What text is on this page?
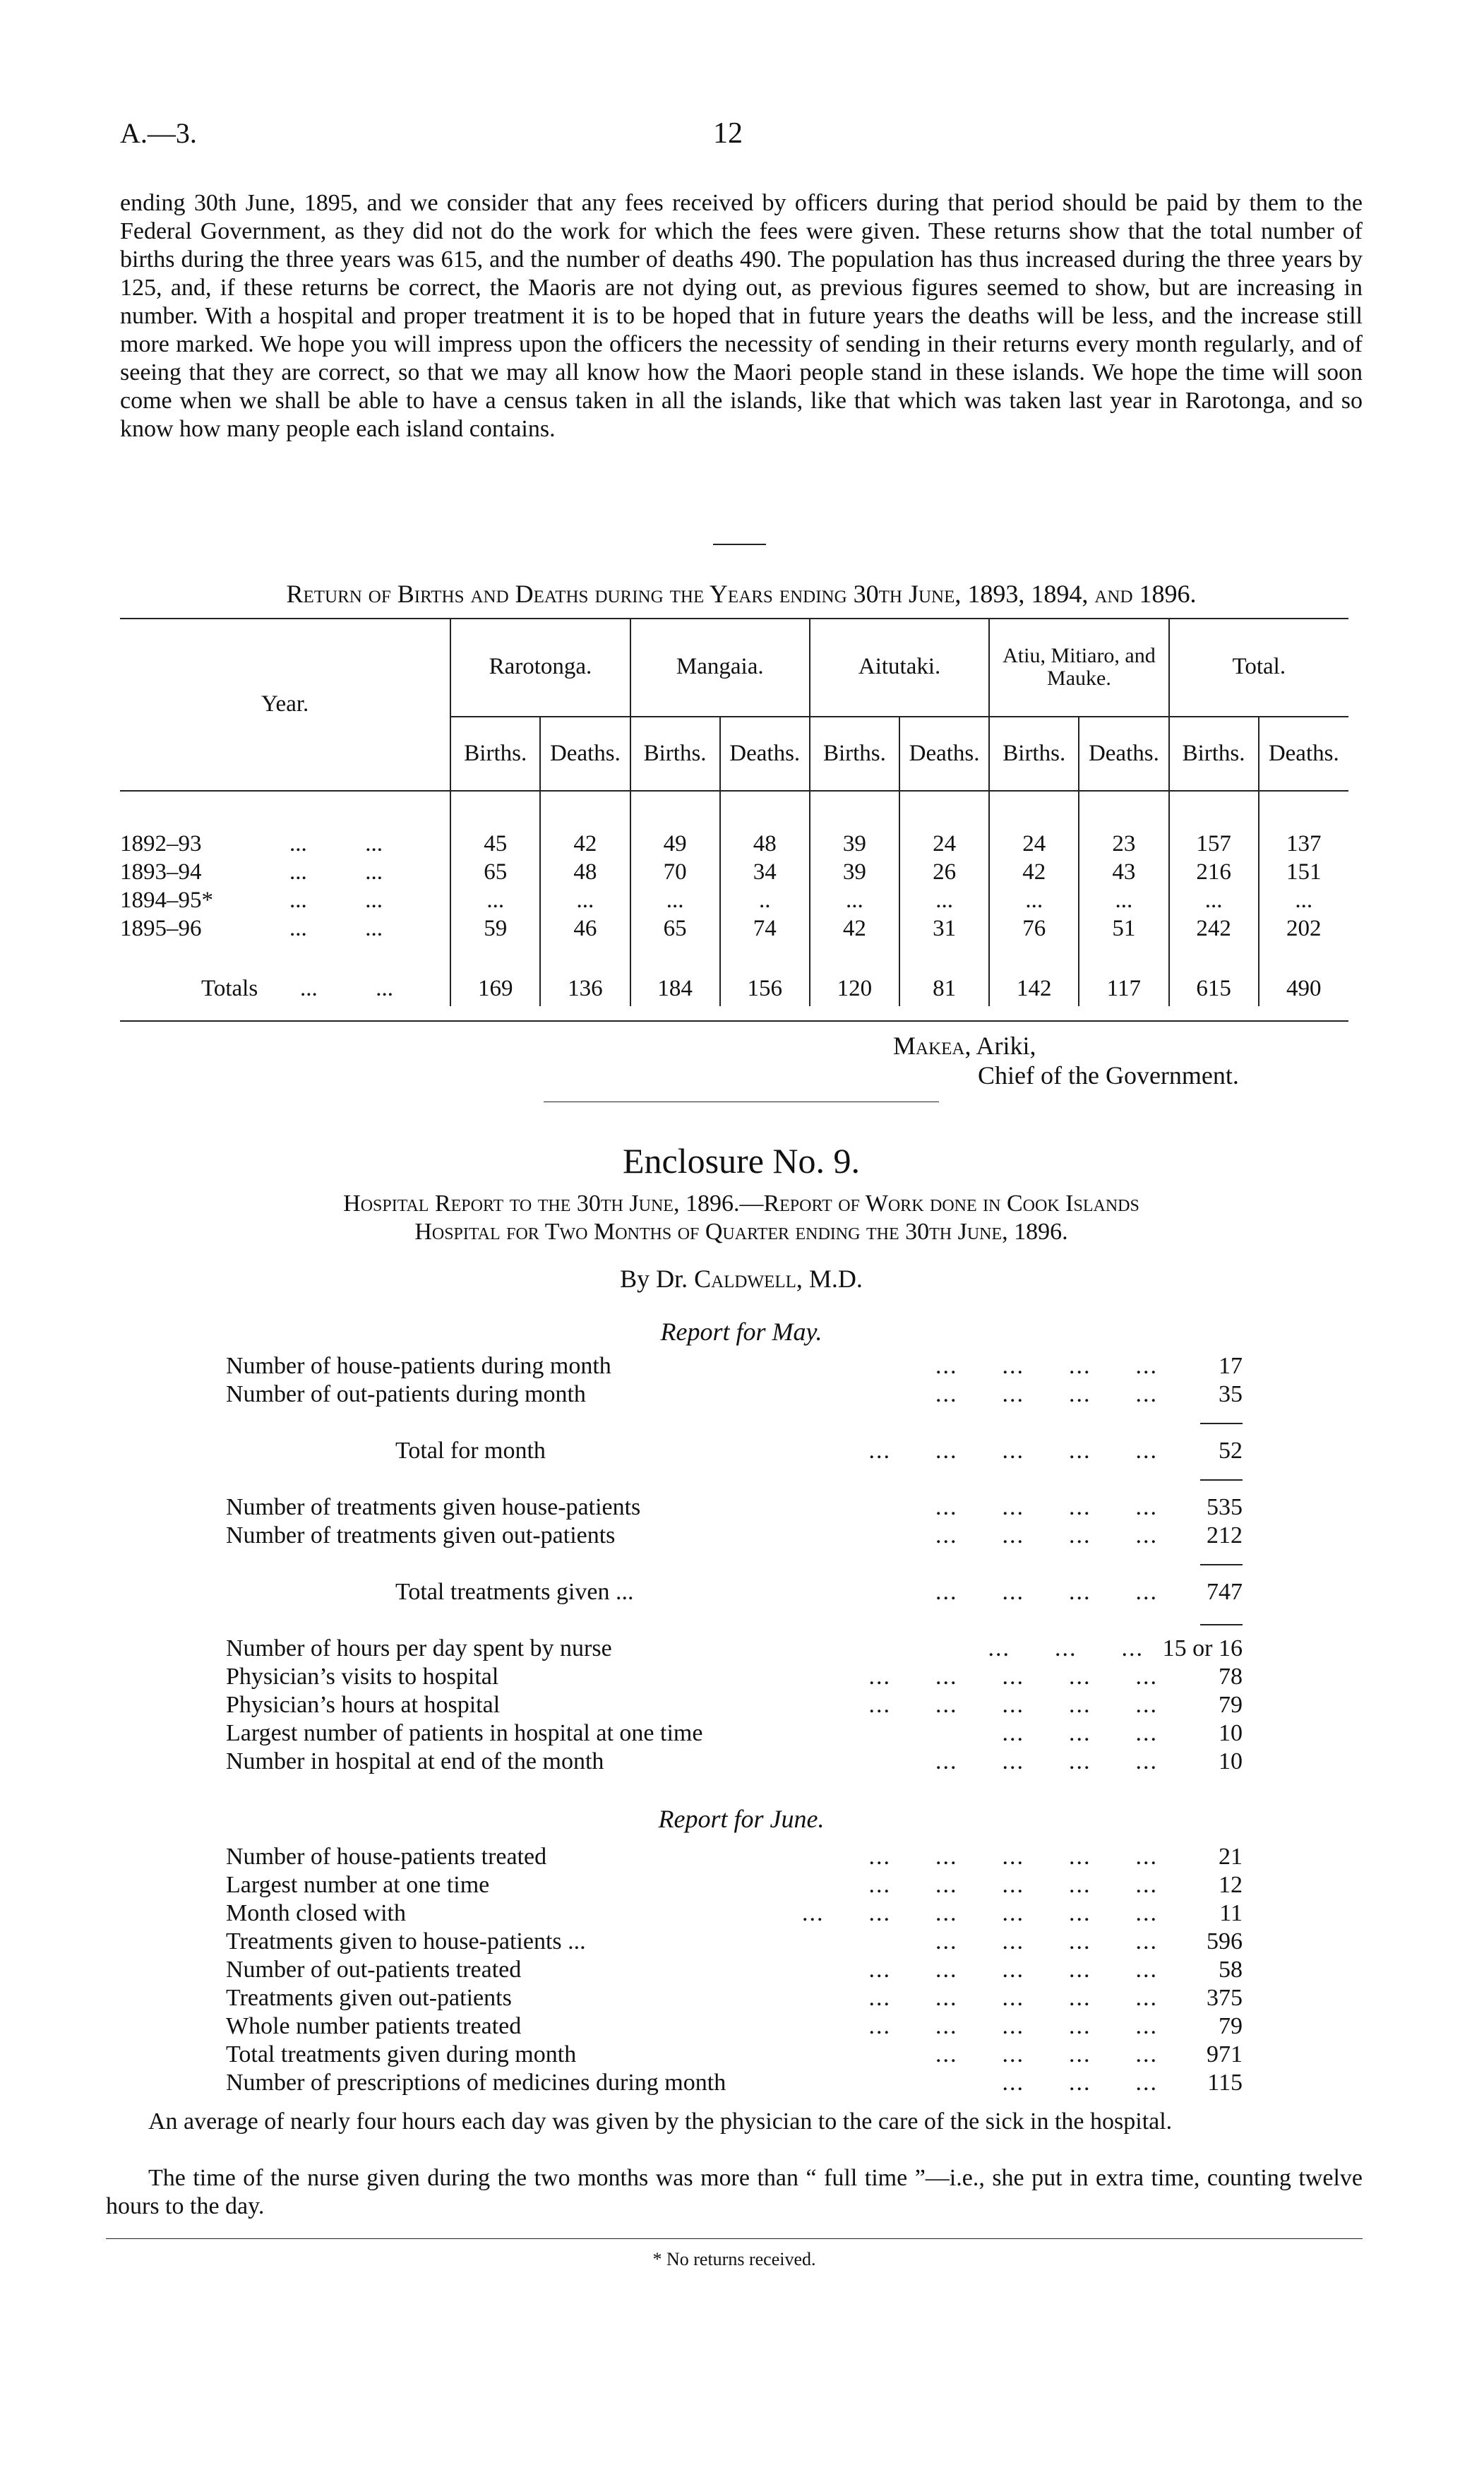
A.—3.	12
ending 30th June, 1895, and we consider that any fees received by officers during that period should be paid by them to the Federal Government, as they did not do the work for which the fees were given. These returns show that the total number of births during the three years was 615, and the number of deaths 490. The population has thus increased during the three years by 125, and, if these returns be correct, the Maoris are not dying out, as previous figures seemed to show, but are increasing in number. With a hospital and proper treatment it is to be hoped that in future years the deaths will be less, and the increase still more marked. We hope you will impress upon the officers the necessity of sending in their returns every month regularly, and of seeing that they are correct, so that we may all know how the Maori people stand in these islands. We hope the time will soon come when we shall be able to have a census taken in all the islands, like that which was taken last year in Rarotonga, and so know how many people each island contains.
Return of Births and Deaths during the Years ending 30th June, 1893, 1894, and 1896.
Year.	Rarotonga.		Mangaia.		Aitutaki.		Atiu, Mitiaro, and Mauke.		Total.	
	Births.	Deaths.	Births.	Deaths.	Births.	Deaths.	Births.	Deaths.	Births.	Deaths.

1892–93 ...          ...	45	42	49	48	39	24	24	23	157	137
1893–94 ...          ...	65	48	70	34	39	26	42	43	216	151
1894–95* ...          ...	...	...	...	..	...	...	...	...	...	...
1895–96 ...          ...	59	46	65	74	42	31	76	51	242	202

Totals ...          ...	169	136	184	156	120	81	142	117	615	490
Makea, Ariki,
Chief of the Government.
Enclosure No. 9.
Hospital Report to the 30th June, 1896.—Report of Work done in Cook Islands
Hospital for Two Months of Quarter ending the 30th June, 1896.
By Dr. Caldwell, M.D.
Report for May.
Number of house-patients during month	...      ...      ...      ...	17
Number of out-patients during month	...      ...      ...      ...	35
Total for month	...      ...      ...      ...      ...	52
Number of treatments given house-patients	...      ...      ...      ...	535
Number of treatments given out-patients	...      ...      ...      ...	212
Total treatments given ...	...      ...      ...      ...	747
Number of hours per day spent by nurse	...      ...      ... 15 or 16
Physician’s visits to hospital	...      ...      ...      ...      ...	78
Physician’s hours at hospital	...      ...      ...      ...      ...	79
Largest number of patients in hospital at one time	...      ...      ...	10
Number in hospital at end of the month	...      ...      ...      ...	10
Report for June.
Number of house-patients treated	...      ...      ...      ...      ...	21
Largest number at one time	...      ...      ...      ...      ...	12
Month closed with	...      ...      ...      ...      ...      ...	11
Treatments given to house-patients ...	...      ...      ...      ...	596
Number of out-patients treated	...      ...      ...      ...      ...	58
Treatments given out-patients	...      ...      ...      ...      ...	375
Whole number patients treated	...      ...      ...      ...      ...	79
Total treatments given during month	...      ...      ...      ...	971
Number of prescriptions of medicines during month	...      ...      ...	115
An average of nearly four hours each day was given by the physician to the care of the sick in the hospital.
The time of the nurse given during the two months was more than “ full time ”—i.e., she put in extra time, counting twelve hours to the day.
* No returns received.
